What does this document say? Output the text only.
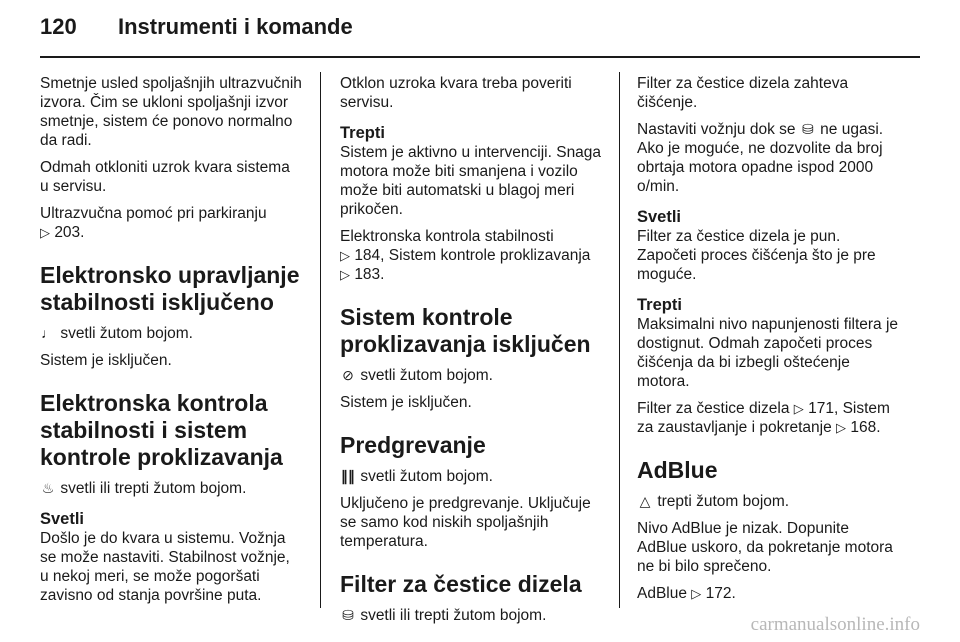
120	Instrumenti i komande

Smetnje usled spoljašnjih ultrazvučnih izvora. Čim se ukloni spoljašnji izvor smetnje, sistem će ponovo normalno da radi.

Odmah otkloniti uzrok kvara sistema u servisu.

Ultrazvučna pomoć pri parkiranju
▷ 203.

Elektronsko upravljanje stabilnosti isključeno

♩ svetli žutom bojom.

Sistem je isključen.

Elektronska kontrola stabilnosti i sistem kontrole proklizavanja

♨ svetli ili trepti žutom bojom.

Svetli

Došlo je do kvara u sistemu. Vožnja se može nastaviti. Stabilnost vožnje, u nekoj meri, se može pogoršati zavisno od stanja površine puta.

Otklon uzroka kvara treba poveriti servisu.

Trepti

Sistem je aktivno u intervenciji. Snaga motora može biti smanjena i vozilo može biti automatski u blagoj meri prikočen.

Elektronska kontrola stabilnosti
▷ 184, Sistem kontrole proklizavanja
▷ 183.

Sistem kontrole proklizavanja isključen

⊘ svetli žutom bojom.

Sistem je isključen.

Predgrevanje

∥∥ svetli žutom bojom.

Uključeno je predgrevanje. Uključuje se samo kod niskih spoljašnjih temperatura.

Filter za čestice dizela

⛁ svetli ili trepti žutom bojom.

Filter za čestice dizela zahteva čišćenje.

Nastaviti vožnju dok se ⛁ ne ugasi. Ako je moguće, ne dozvolite da broj obrtaja motora opadne ispod 2000 o/min.

Svetli

Filter za čestice dizela je pun. Započeti proces čišćenja što je pre moguće.

Trepti

Maksimalni nivo napunjenosti filtera je dostignut. Odmah započeti proces čišćenja da bi izbegli oštećenje motora.

Filter za čestice dizela ▷ 171, Sistem za zaustavljanje i pokretanje ▷ 168.

AdBlue

△ trepti žutom bojom.

Nivo AdBlue je nizak. Dopunite AdBlue uskoro, da pokretanje motora ne bi bilo sprečeno.

AdBlue ▷ 172.

carmanualsonline.info
